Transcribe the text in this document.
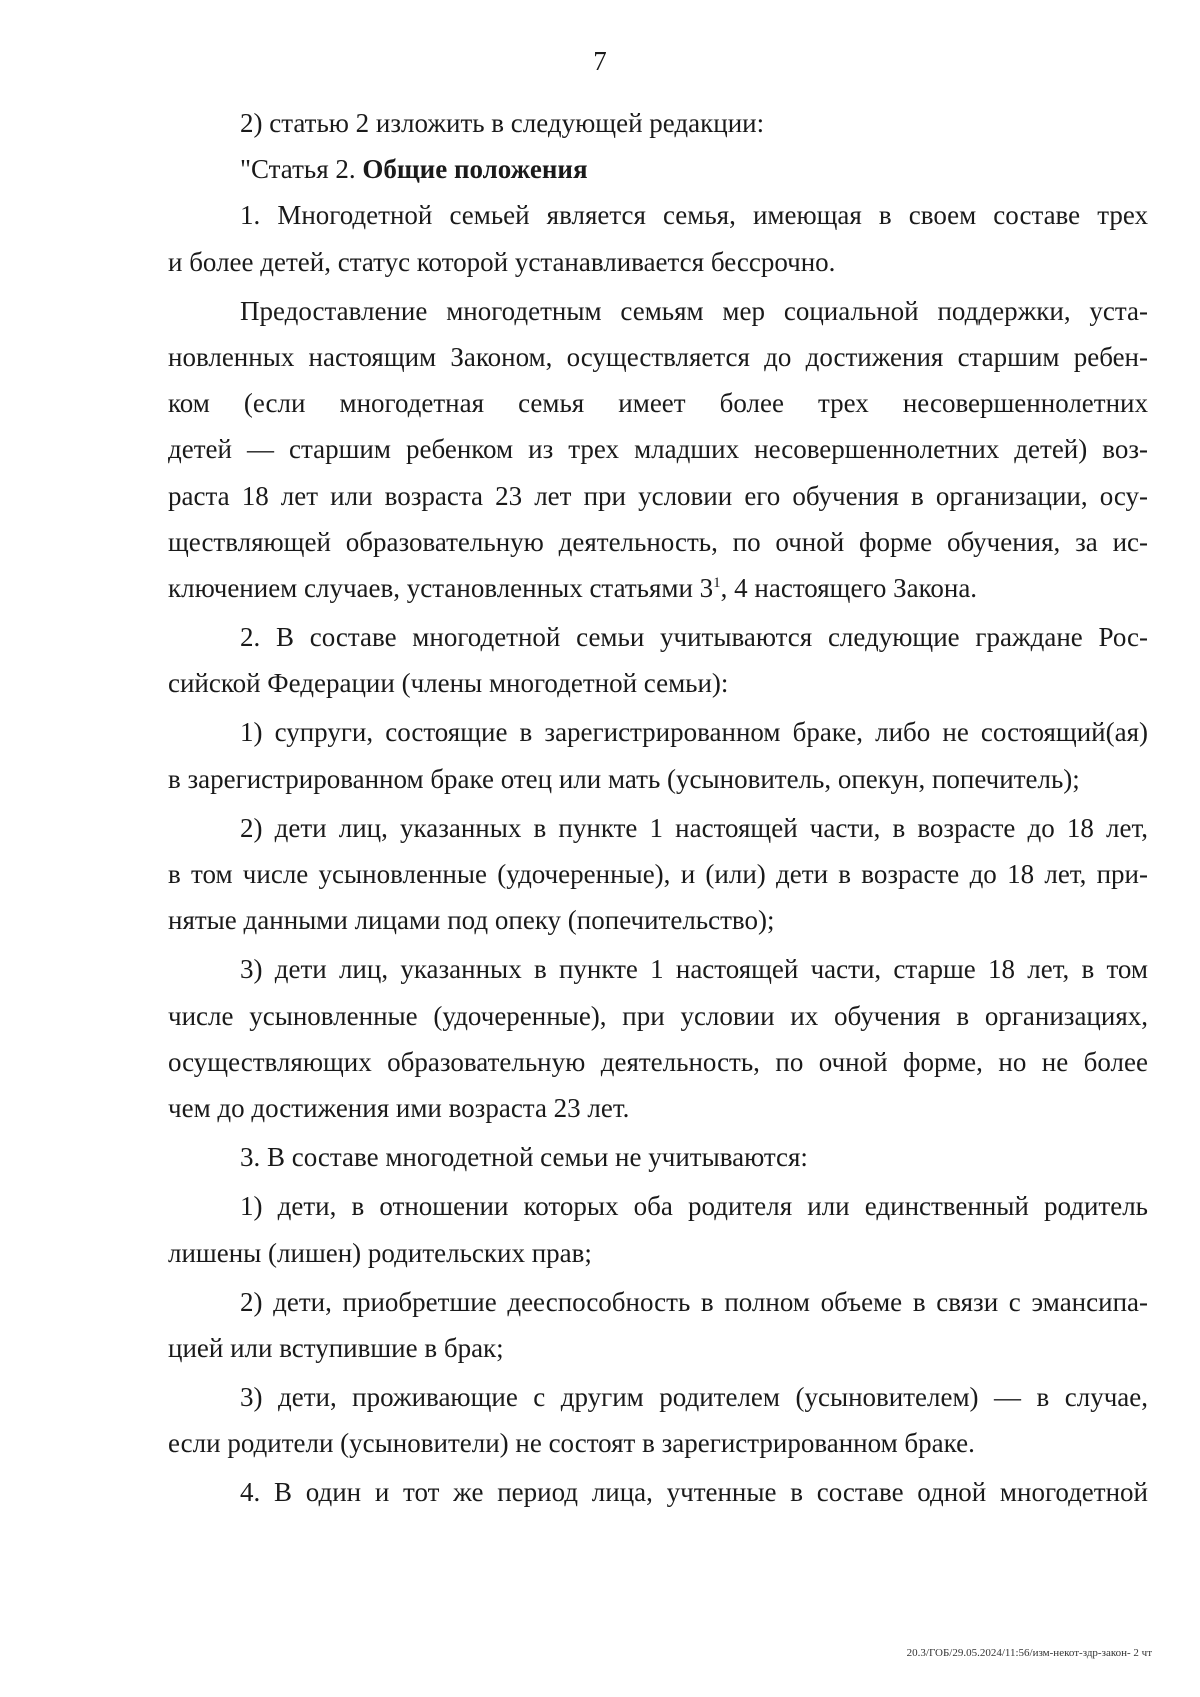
7
2) статью 2 изложить в следующей редакции:
"Статья 2. Общие положения
1. Многодетной семьей является семья, имеющая в своем составе трех
и более детей, статус которой устанавливается бессрочно.
Предоставление многодетным семьям мер социальной поддержки, уста-
новленных настоящим Законом, осуществляется до достижения старшим ребен-
ком (если многодетная семья имеет более трех несовершеннолетних
детей — старшим ребенком из трех младших несовершеннолетних детей) воз-
раста 18 лет или возраста 23 лет при условии его обучения в организации, осу-
ществляющей образовательную деятельность, по очной форме обучения, за ис-
ключением случаев, установленных статьями $3^1$, 4 настоящего Закона.
2. В составе многодетной семьи учитываются следующие граждане Рос-
сийской Федерации (члены многодетной семьи):
1) супруги, состоящие в зарегистрированном браке, либо не состоящий(ая)
в зарегистрированном браке отец или мать (усыновитель, опекун, попечитель);
2) дети лиц, указанных в пункте 1 настоящей части, в возрасте до 18 лет,
в том числе усыновленные (удочеренные), и (или) дети в возрасте до 18 лет, при-
нятые данными лицами под опеку (попечительство);
3) дети лиц, указанных в пункте 1 настоящей части, старше 18 лет, в том
числе усыновленные (удочеренные), при условии их обучения в организациях,
осуществляющих образовательную деятельность, по очной форме, но не более
чем до достижения ими возраста 23 лет.
3. В составе многодетной семьи не учитываются:
1) дети, в отношении которых оба родителя или единственный родитель
лишены (лишен) родительских прав;
2) дети, приобретшие дееспособность в полном объеме в связи с эмансипа-
цией или вступившие в брак;
3) дети, проживающие с другим родителем (усыновителем) — в случае,
если родители (усыновители) не состоят в зарегистрированном браке.
4. В один и тот же период лица, учтенные в составе одной многодетной
20.3/ГОБ/29.05.2024/11:56/изм-некот-здр-закон- 2 чт
